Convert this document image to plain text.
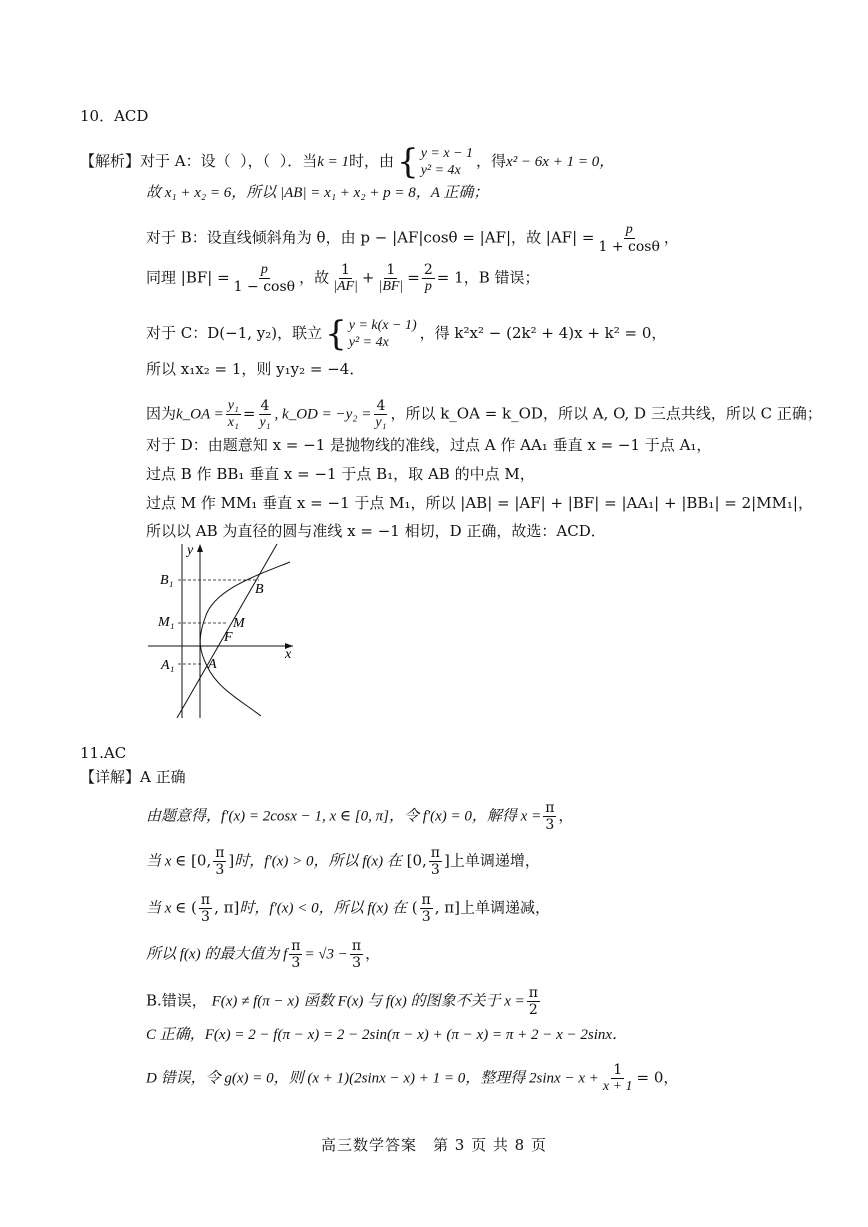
10．ACD
【解析】对于 A：设（ ），（ ）．当k = 1时，由 { y = x − 1
y² = 4x
，得x² − 6x + 1 = 0，
故 x₁ + x₂ = 6，所以 |AB| = x₁ + x₂ + p = 8，A 正确；
对于 B：设直线倾斜角为 θ，由 p − |AF|cosθ = |AF|，故 $|AF| = \frac{p}{1 + \cos\theta}$ ，
同理 $|BF| = \frac{p}{1 - \cos\theta}$ ，故 $\frac{1}{|AF|} + \frac{1}{|BF|} = \frac{2}{p} = 1$，B 错误；
对于 C：D(−1, y₂)，联立 { y = k(x − 1)
y² = 4x
，得 k²x² − (2k² + 4)x + k² = 0，
所以 x₁x₂ = 1，则 y₁y₂ = −4．
因为k_OA = $\frac{\text{y₁}}{\text{x₁}} = \frac{4}{\text{y₁}}$ , k_OD = $-y_2 = \frac{4}{\text{y₁}}$ ，所以 k_OA = k_OD，所以 A, O, D 三点共线，所以 C 正确；
对于 D：由题意知 x = −1 是抛物线的准线，过点 A 作 AA₁ 垂直 x = −1 于点 A₁，
过点 B 作 BB₁ 垂直 x = −1 于点 B₁，取 AB 的中点 M，
过点 M 作 MM₁ 垂直 x = −1 于点 M₁，所以 |AB| = |AF| + |BF| = |AA₁| + |BB₁| = 2|MM₁|，
所以以 AB 为直径的圆与准线 x = −1 相切，D 正确，故选：ACD．
y
x
B₁
B
M₁	M
F
A₁ A
11.AC
【详解】A 正确
由题意得，f′(x) = 2cosx − 1, x ∈ [0, π]，令 f′(x) = 0，解得 $x = \frac{\pi}{3}$ ，
当 x ∈ [0, $\frac{\pi}{3}$ ]时，f′(x) > 0，所以 f(x) 在 [0, $\frac{\pi}{3}$ ]上单调递增，
当 x ∈ ( $\frac{\pi}{3}$ , π]时，f′(x) < 0，所以 f(x) 在 ( $\frac{\pi}{3}$ , π]上单调递减，
所以 f(x) 的最大值为 f $\frac{\pi}{3} = √3 - \frac{\pi}{3}$ ，
B.错误， F(x) ≠ f(π − x) 函数 F(x) 与 f(x) 的图象不关于 $x = \frac{\pi}{2}$
C 正确，F(x) = 2 − f(π − x) = 2 − 2sin(π − x) + (π − x) = π + 2 − x − 2sinx．
D 错误，令 g(x) = 0，则 (x + 1)(2sinx − x) + 1 = 0，整理得 $2\sin x - x + \frac{1}{x + 1} = 0$，
高三数学答案　第 3 页 共 8 页
